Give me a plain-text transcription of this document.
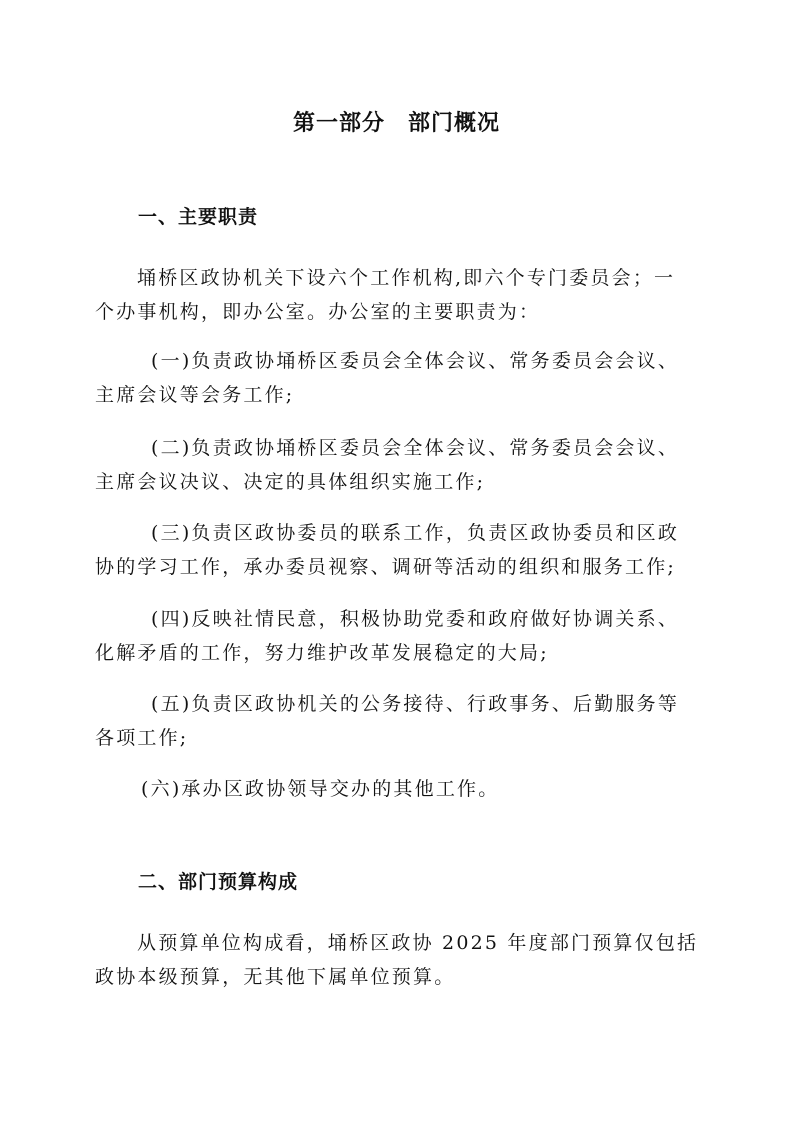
第一部分　部门概况
一、主要职责
埇桥区政协机关下设六个工作机构,即六个专门委员会；一
个办事机构，即办公室。办公室的主要职责为：
(一)负责政协埇桥区委员会全体会议、常务委员会会议、
主席会议等会务工作;
(二)负责政协埇桥区委员会全体会议、常务委员会会议、
主席会议决议、决定的具体组织实施工作;
(三)负责区政协委员的联系工作，负责区政协委员和区政
协的学习工作，承办委员视察、调研等活动的组织和服务工作;
(四)反映社情民意，积极协助党委和政府做好协调关系、
化解矛盾的工作，努力维护改革发展稳定的大局;
(五)负责区政协机关的公务接待、行政事务、后勤服务等
各项工作;
(六)承办区政协领导交办的其他工作。
二、部门预算构成
从预算单位构成看，埇桥区政协 2025 年度部门预算仅包括
政协本级预算，无其他下属单位预算。
